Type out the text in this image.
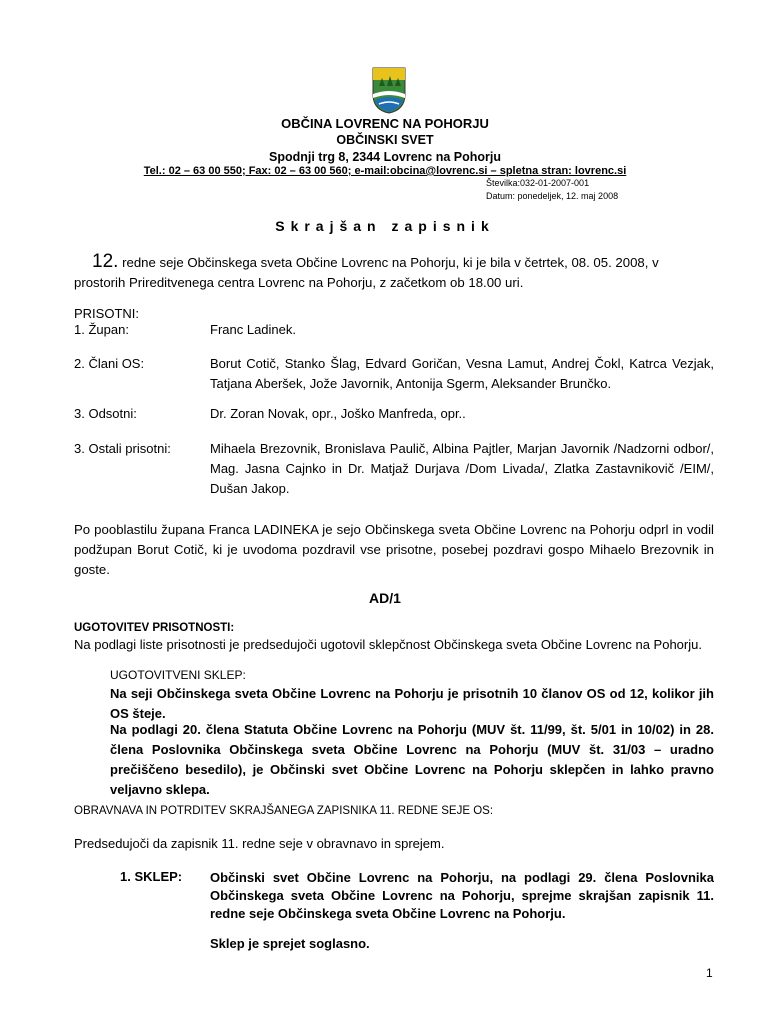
OBČINA LOVRENC NA POHORJU
OBČINSKI SVET
Spodnji trg 8, 2344 Lovrenc na Pohorju
Tel.: 02 – 63 00 550; Fax: 02 – 63 00 560; e-mail:obcina@lovrenc.si – spletna stran: lovrenc.si
Številka:032-01-2007-001
Datum: ponedeljek, 12. maj 2008
Skrajšan zapisnik
12. redne seje Občinskega sveta Občine Lovrenc na Pohorju, ki je bila v četrtek, 08. 05. 2008, v
prostorih Prireditvenega centra Lovrenc na Pohorju, z začetkom ob 18.00 uri.
PRISOTNI:
1. Župan:	Franc Ladinek.
2. Člani OS:	Borut Cotič, Stanko Šlag, Edvard Goričan, Vesna Lamut, Andrej Čokl, Katrca Vezjak, Tatjana Aberšek, Jože Javornik, Antonija Sgerm, Aleksander Brunčko.
3. Odsotni:	Dr. Zoran Novak, opr., Joško Manfreda, opr..
3. Ostali prisotni:	Mihaela Brezovnik, Bronislava Paulič, Albina Pajtler, Marjan Javornik /Nadzorni odbor/, Mag. Jasna Cajnko in Dr. Matjaž Durjava /Dom Livada/, Zlatka Zastavnikovič /EIM/, Dušan Jakop.
Po pooblastilu župana Franca LADINEKA je sejo Občinskega sveta Občine Lovrenc na Pohorju odprl in vodil podžupan Borut Cotič, ki je uvodoma pozdravil vse prisotne, posebej pozdravi gospo Mihaelo Brezovnik in goste.
AD/1
UGOTOVITEV PRISOTNOSTI:
Na podlagi liste prisotnosti je predsedujoči ugotovil sklepčnost Občinskega sveta Občine Lovrenc na Pohorju.
UGOTOVITVENI SKLEP:
Na seji Občinskega sveta Občine Lovrenc na Pohorju je prisotnih 10 članov OS od 12, kolikor jih OS šteje.
Na podlagi 20. člena Statuta Občine Lovrenc na Pohorju (MUV št. 11/99, št. 5/01 in 10/02) in 28. člena Poslovnika Občinskega sveta Občine Lovrenc na Pohorju (MUV št. 31/03 – uradno prečiščeno besedilo), je Občinski svet Občine Lovrenc na Pohorju sklepčen in lahko pravno veljavno sklepa.
OBRAVNAVA IN POTRDITEV SKRAJŠANEGA ZAPISNIKA 11. REDNE SEJE OS:
Predsedujoči da zapisnik 11. redne seje v obravnavo in sprejem.
1. SKLEP: Občinski svet Občine Lovrenc na Pohorju, na podlagi 29. člena Poslovnika Občinskega sveta Občine Lovrenc na Pohorju, sprejme skrajšan zapisnik 11. redne seje Občinskega sveta Občine Lovrenc na Pohorju.
Sklep je sprejet soglasno.
1
